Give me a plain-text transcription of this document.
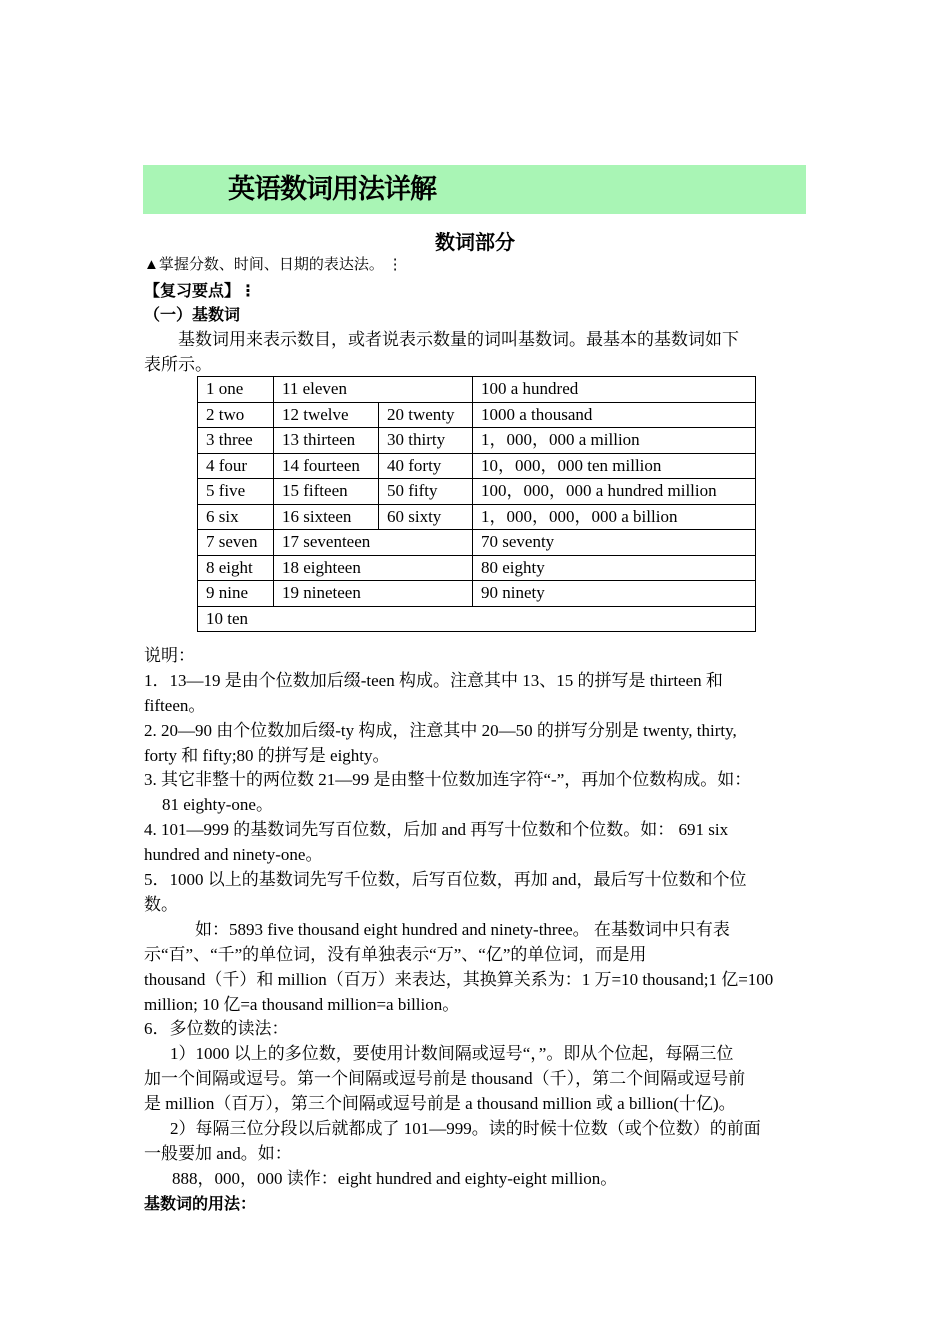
英语数词用法详解
数词部分
▲掌握分数、时间、日期的表达法。 ⋮
【复习要点】⋮
（一）基数词
基数词用来表示数目，或者说表示数量的词叫基数词。最基本的基数词如下
表所示。
1 one	11 eleven		100 a hundred
2 two	12 twelve	20 twenty	1000 a thousand
3 three	13 thirteen	30 thirty	1，000，000 a million
4 four	14 fourteen	40 forty	10，000，000 ten million
5 five	15 fifteen	50 fifty	100，000，000 a hundred million
6 six	16 sixteen	60 sixty	1，000，000，000 a billion
7 seven	17 seventeen		70 seventy
8 eight	18 eighteen		80 eighty
9 nine	19 nineteen		90 ninety
10 ten			
说明：
1．13—19 是由个位数加后缀-teen 构成。注意其中 13、15 的拼写是 thirteen 和
fifteen。
2. 20—90 由个位数加后缀-ty 构成，注意其中 20—50 的拼写分别是 twenty, thirty,
forty 和 fifty;80 的拼写是 eighty。
3. 其它非整十的两位数 21—99 是由整十位数加连字符“-”，再加个位数构成。如：
81 eighty-one。
4. 101—999 的基数词先写百位数，后加 and 再写十位数和个位数。如： 691 six
hundred and ninety-one。
5．1000 以上的基数词先写千位数，后写百位数，再加 and，最后写十位数和个位
数。
如：5893 five thousand eight hundred and ninety-three。 在基数词中只有表
示“百”、“千”的单位词，没有单独表示“万”、“亿”的单位词，而是用
thousand（千）和 million（百万）来表达，其换算关系为：1 万=10 thousand;1 亿=100
million; 10 亿=a thousand million=a billion。
6．多位数的读法：
1）1000 以上的多位数，要使用计数间隔或逗号“，”。即从个位起，每隔三位
加一个间隔或逗号。第一个间隔或逗号前是 thousand（千），第二个间隔或逗号前
是 million（百万），第三个间隔或逗号前是 a thousand million 或 a billion(十亿)。
2）每隔三位分段以后就都成了 101—999。读的时候十位数（或个位数）的前面
一般要加 and。如：
888，000，000 读作：eight hundred and eighty-eight million。
基数词的用法：
